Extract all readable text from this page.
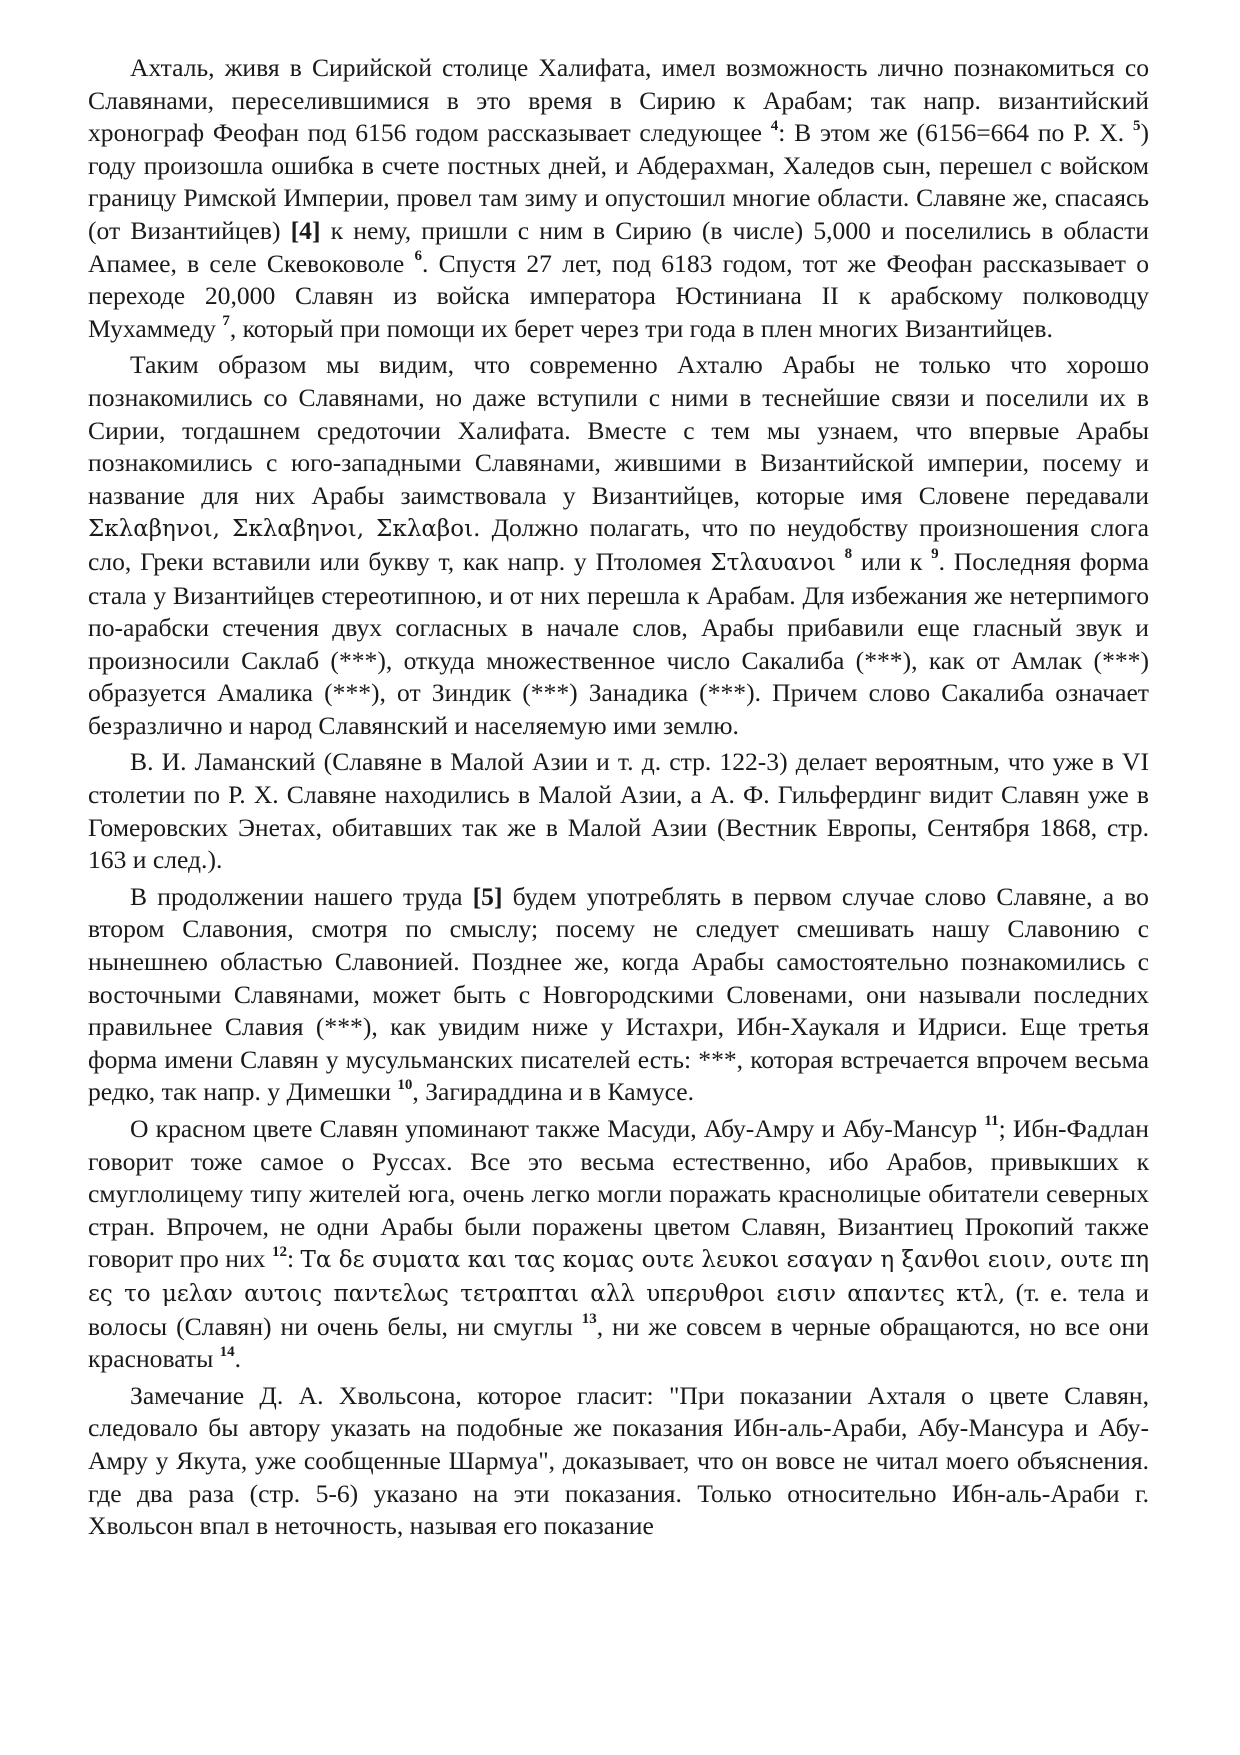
Ахталь, живя в Сирийской столице Халифата, имел возможность лично познакомиться со Славянами, переселившимися в это время в Сирию к Арабам; так напр. византийский хронограф Феофан под 6156 годом рассказывает следующее $^4$: В этом же (6156=664 по Р. Х. $^5$) году произошла ошибка в счете постных дней, и Абдерахман, Халедов сын, перешел с войском границу Римской Империи, провел там зиму и опустошил многие области. Славяне же, спасаясь (от Византийцев) [4] к нему, пришли с ним в Сирию (в числе) 5,000 и поселились в области Апамее, в селе Скевоковоле $^6$. Спустя 27 лет, под 6183 годом, тот же Феофан рассказывает о переходе 20,000 Славян из войска императора Юстиниана II к арабскому полководцу Мухаммеду $^7$, который при помощи их берет через три года в плен многих Византийцев.

Таким образом мы видим, что современно Ахталю Арабы не только что хорошо познакомились со Славянами, но даже вступили с ними в теснейшие связи и поселили их в Сирии, тогдашнем средоточии Халифата. Вместе с тем мы узнаем, что впервые Арабы познакомились с юго-западными Славянами, жившими в Византийской империи, посему и название для них Арабы заимствовала у Византийцев, которые имя Словене передавали Σκλαβηνοι, Σκλαβηνοι, Σκλαβοι. Должно полагать, что по неудобству произношения слога сло, Греки вставили или букву т, как напр. у Птоломея Στλαυανοι $^8$ или к $^9$. Последняя форма стала у Византийцев стереотипною, и от них перешла к Арабам. Для избежания же нетерпимого по-арабски стечения двух согласных в начале слов, Арабы прибавили еще гласный звук и произносили Саклаб (***), откуда множественное число Сакалиба (***), как от Амлак (***) образуется Амалика (***), от Зиндик (***) Занадика (***). Причем слово Сакалиба означает безразлично и народ Славянский и населяемую ими землю.

В. И. Ламанский (Славяне в Малой Азии и т. д. стр. 122-3) делает вероятным, что уже в VI столетии по Р. Х. Славяне находились в Малой Азии, а А. Ф. Гильфердинг видит Славян уже в Гомеровских Энетах, обитавших так же в Малой Азии (Вестник Европы, Сентября 1868, стр. 163 и след.).

В продолжении нашего труда [5] будем употреблять в первом случае слово Славяне, а во втором Славония, смотря по смыслу; посему не следует смешивать нашу Славонию с нынешнею областью Славонией. Позднее же, когда Арабы самостоятельно познакомились с восточными Славянами, может быть с Новгородскими Словенами, они называли последних правильнее Славия (***), как увидим ниже у Истахри, Ибн-Хаукаля и Идриси. Еще третья форма имени Славян у мусульманских писателей есть: ***, которая встречается впрочем весьма редко, так напр. у Димешки $^{10}$, Загираддина и в Камусе.

О красном цвете Славян упоминают также Масуди, Абу-Амру и Абу-Мансур $^{11}$; Ибн-Фадлан говорит тоже самое о Руссах. Все это весьма естественно, ибо Арабов, привыкших к смуглолицему типу жителей юга, очень легко могли поражать краснолицые обитатели северных стран. Впрочем, не одни Арабы были поражены цветом Славян, Византиец Прокопий также говорит про них $^{12}$: Τα δε συματα και τας κομας ουτε λευκοι εσαγαν η ξανθοι ειοιν, ουτε πη ες το μελαν αυτοις παντελως τετραπται αλλ υπερυθροι εισιν απαντες κτλ, (т. е. тела и волосы (Славян) ни очень белы, ни смуглы $^{13}$, ни же совсем в черные обращаются, но все они красноваты $^{14}$.

Замечание Д. А. Хвольсона, которое гласит: "При показании Ахталя о цвете Славян, следовало бы автору указать на подобные же показания Ибн-аль-Араби, Абу-Мансура и Абу-Амру у Якута, уже сообщенные Шармуа", доказывает, что он вовсе не читал моего объяснения. где два раза (стр. 5-6) указано на эти показания. Только относительно Ибн-аль-Араби г. Хвольсон впал в неточность, называя его показание
